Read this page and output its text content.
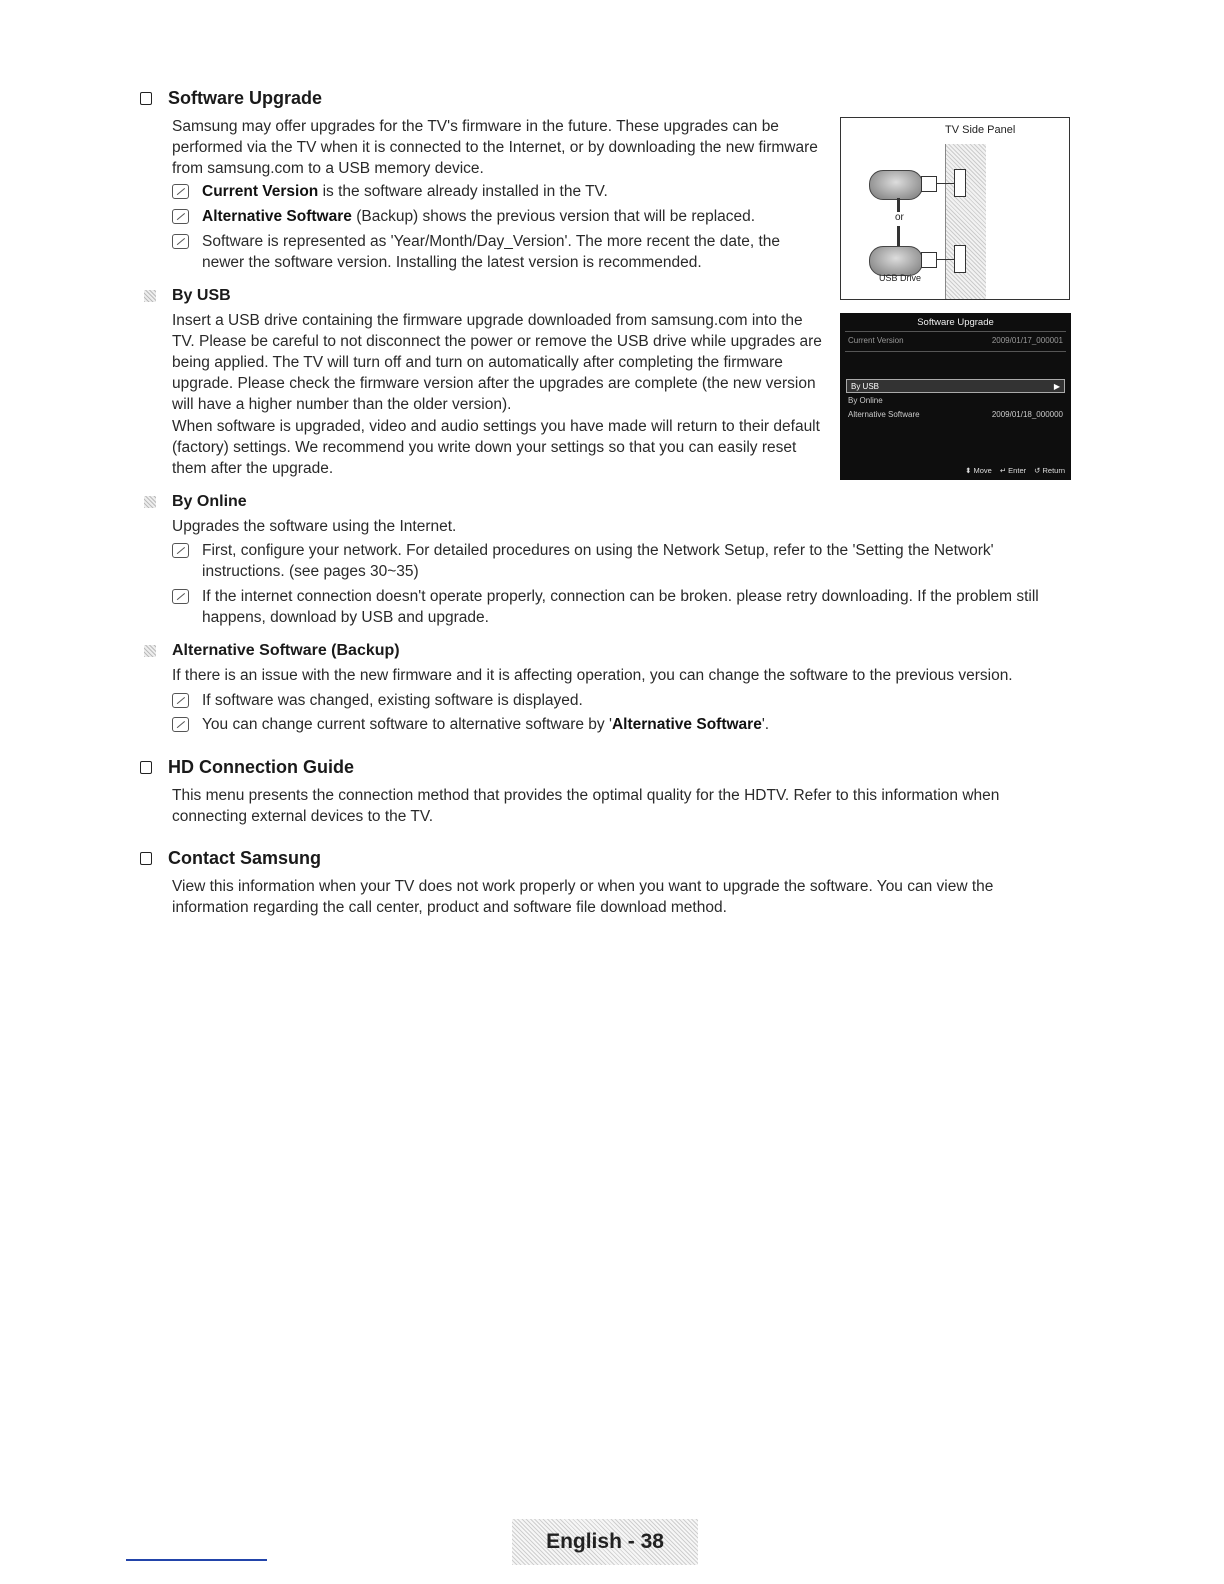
Software Upgrade
Samsung may offer upgrades for the TV's firmware in the future. These upgrades can be performed via the TV when it is connected to the Internet, or by downloading the new firmware from samsung.com to a USB memory device.
Current Version is the software already installed in the TV.
Alternative Software (Backup) shows the previous version that will be replaced.
Software is represented as 'Year/Month/Day_Version'. The more recent the date, the newer the software version. Installing the latest version is recommended.
By USB
Insert a USB drive containing the firmware upgrade downloaded from samsung.com into the TV. Please be careful to not disconnect the power or remove the USB drive while upgrades are being applied. The TV will turn off and turn on automatically after completing the firmware upgrade. Please check the firmware version after the upgrades are complete (the new version will have a higher number than the older version).
When software is upgraded, video and audio settings you have made will return to their default (factory) settings. We recommend you write down your settings so that you can easily reset them after the upgrade.
TV Side Panel
or
USB Drive
Software Upgrade
Current Version	2009/01/17_000001
By USB	▶
By Online
Alternative Software	2009/01/18_000000
⬍ Move ↵ Enter ↺ Return
By Online
Upgrades the software using the Internet.
First, configure your network. For detailed procedures on using the Network Setup, refer to the 'Setting the Network' instructions. (see pages 30~35)
If the internet connection doesn't operate properly, connection can be broken. please retry downloading. If the problem still happens, download by USB and upgrade.
Alternative Software (Backup)
If there is an issue with the new firmware and it is affecting operation, you can change the software to the previous version.
If software was changed, existing software is displayed.
You can change current software to alternative software by 'Alternative Software'.
HD Connection Guide
This menu presents the connection method that provides the optimal quality for the HDTV. Refer to this information when connecting external devices to the TV.
Contact Samsung
View this information when your TV does not work properly or when you want to upgrade the software. You can view the information regarding the call center, product and software file download method.
English - 38
